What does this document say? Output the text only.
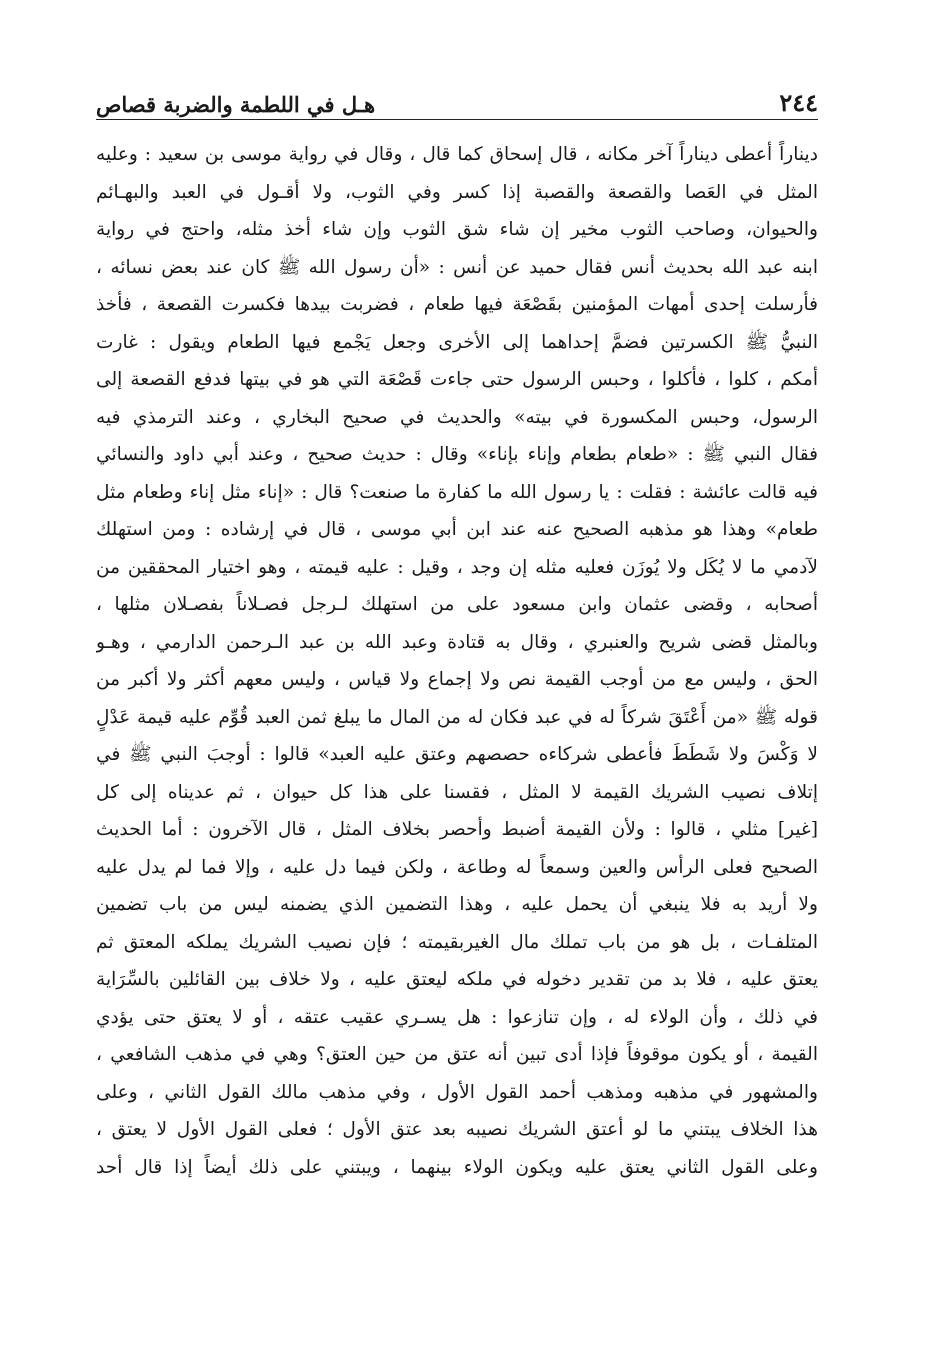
٢٤٤
هـل في اللطمة والضربة قصاص
ديناراً أعطى ديناراً آخر مكانه ، قال إسحاق كما قال ، وقال في رواية موسى بن سعيد : وعليه
المثل في العَصا والقصعة والقصبة إذا كسر وفي الثوب، ولا أقـول في العبد والبهـائم
والحيوان، وصاحب الثوب مخير إن شاء شق الثوب وإن شاء أخذ مثله، واحتج في رواية
ابنه عبد الله بحديث أنس فقال حميد عن أنس : «أن رسول الله ﷺ كان عند بعض نسائه ،
فأرسلت إحدى أمهات المؤمنين بقَصْعَة فيها طعام ، فضربت بيدها فكسرت القصعة ، فأخذ
النبيُّ ﷺ الكسرتين فضمَّ إحداهما إلى الأخرى وجعل يَجْمع فيها الطعام ويقول : غارت
أمكم ، كلوا ، فأكلوا ، وحبس الرسول حتى جاءت قَصْعَة التي هو في بيتها فدفع القصعة إلى
الرسول، وحبس المكسورة في بيته» والحديث في صحيح البخاري ، وعند الترمذي فيه
فقال النبي ﷺ : «طعام بطعام وإناء بإناء» وقال : حديث صحيح ، وعند أبي داود والنسائي
فيه قالت عائشة : فقلت : يا رسول الله ما كفارة ما صنعت؟ قال : «إناء مثل إناء وطعام مثل
طعام» وهذا هو مذهبه الصحيح عنه عند ابن أبي موسى ، قال في إرشاده : ومن استهلك
لآدمي ما لا يُكَل ولا يُوزَن فعليه مثله إن وجد ، وقيل : عليه قيمته ، وهو اختيار المحققين من
أصحابه ، وقضى عثمان وابن مسعود على من استهلك لـرجل فصـلاناً بفصـلان مثلها ،
وبالمثل قضى شريح والعنبري ، وقال به قتادة وعبد الله بن عبد الـرحمن الدارمي ، وهـو
الحق ، وليس مع من أوجب القيمة نص ولا إجماع ولا قياس ، وليس معهم أكثر ولا أكبر من
قوله ﷺ «من أَعْتَقَ شركاً له في عبد فكان له من المال ما يبلغ ثمن العبد قُوِّم عليه قيمة عَدْلٍ
لا وَكْسَ ولا شَطَطَ فأعطى شركاءه حصصهم وعتق عليه العبد» قالوا : أوجبَ النبي ﷺ في
إتلاف نصيب الشريك القيمة لا المثل ، فقسنا على هذا كل حيوان ، ثم عديناه إلى كل
[غير] مثلي ، قالوا : ولأن القيمة أضبط وأحصر بخلاف المثل ، قال الآخرون : أما الحديث
الصحيح فعلى الرأس والعين وسمعاً له وطاعة ، ولكن فيما دل عليه ، وإلا فما لم يدل عليه
ولا أريد به فلا ينبغي أن يحمل عليه ، وهذا التضمين الذي يضمنه ليس من باب تضمين
المتلفـات ، بل هو من باب تملك مال الغيربقيمته ؛ فإن نصيب الشريك يملكه المعتق ثم
يعتق عليه ، فلا بد من تقدير دخوله في ملكه ليعتق عليه ، ولا خلاف بين القائلين بالسِّرَاية
في ذلك ، وأن الولاء له ، وإن تنازعوا : هل يسـري عقيب عتقه ، أو لا يعتق حتى يؤدي
القيمة ، أو يكون موقوفاً فإذا أدى تبين أنه عتق من حين العتق؟ وهي في مذهب الشافعي ،
والمشهور في مذهبه ومذهب أحمد القول الأول ، وفي مذهب مالك القول الثاني ، وعلى
هذا الخلاف يبتني ما لو أعتق الشريك نصيبه بعد عتق الأول ؛ فعلى القول الأول لا يعتق ،
وعلى القول الثاني يعتق عليه ويكون الولاء بينهما ، ويبتني على ذلك أيضاً إذا قال أحد
